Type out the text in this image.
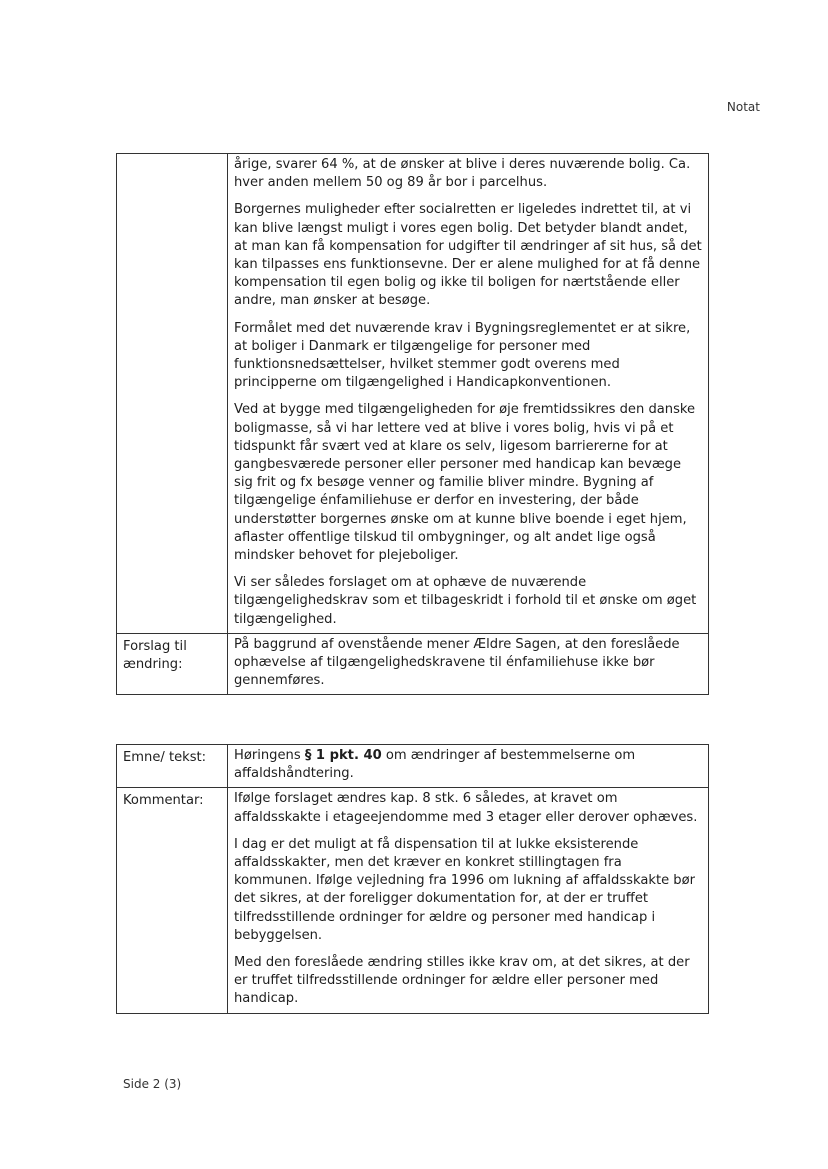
Notat

	årige, svarer 64 %, at de ønsker at blive i deres nuværende bolig. Ca. hver anden mellem 50 og 89 år bor i parcelhus.

Borgernes muligheder efter socialretten er ligeledes indrettet til, at vi kan blive længst muligt i vores egen bolig. Det betyder blandt andet, at man kan få kompensation for udgifter til ændringer af sit hus, så det kan tilpasses ens funktionsevne. Der er alene mulighed for at få denne kompensation til egen bolig og ikke til boligen for nærtstående eller andre, man ønsker at besøge.

Formålet med det nuværende krav i Bygningsreglementet er at sikre, at boliger i Danmark er tilgængelige for personer med funktionsnedsættelser, hvilket stemmer godt overens med principperne om tilgængelighed i Handicapkonventionen.

Ved at bygge med tilgængeligheden for øje fremtidssikres den danske boligmasse, så vi har lettere ved at blive i vores bolig, hvis vi på et tidspunkt får svært ved at klare os selv, ligesom barriererne for at gangbesværede personer eller personer med handicap kan bevæge sig frit og fx besøge venner og familie bliver mindre. Bygning af tilgængelige énfamiliehuse er derfor en investering, der både understøtter borgernes ønske om at kunne blive boende i eget hjem, aflaster offentlige tilskud til ombygninger, og alt andet lige også mindsker behovet for plejeboliger.

Vi ser således forslaget om at ophæve de nuværende tilgængelighedskrav som et tilbageskridt i forhold til et ønske om øget tilgængelighed.

Forslag til ændring:	På baggrund af ovenstående mener Ældre Sagen, at den foreslåede ophævelse af tilgængelighedskravene til énfamiliehuse ikke bør gennemføres.

Emne/ tekst:	Høringens § 1 pkt. 40 om ændringer af bestemmelserne om affaldshåndtering.

Kommentar:	Ifølge forslaget ændres kap. 8 stk. 6 således, at kravet om affaldsskakte i etageejendomme med 3 etager eller derover ophæves.

I dag er det muligt at få dispensation til at lukke eksisterende affaldsskakter, men det kræver en konkret stillingtagen fra kommunen. Ifølge vejledning fra 1996 om lukning af affaldsskakte bør det sikres, at der foreligger dokumentation for, at der er truffet tilfredsstillende ordninger for ældre og personer med handicap i bebyggelsen.

Med den foreslåede ændring stilles ikke krav om, at det sikres, at der er truffet tilfredsstillende ordninger for ældre eller personer med handicap.

Side 2 (3)
